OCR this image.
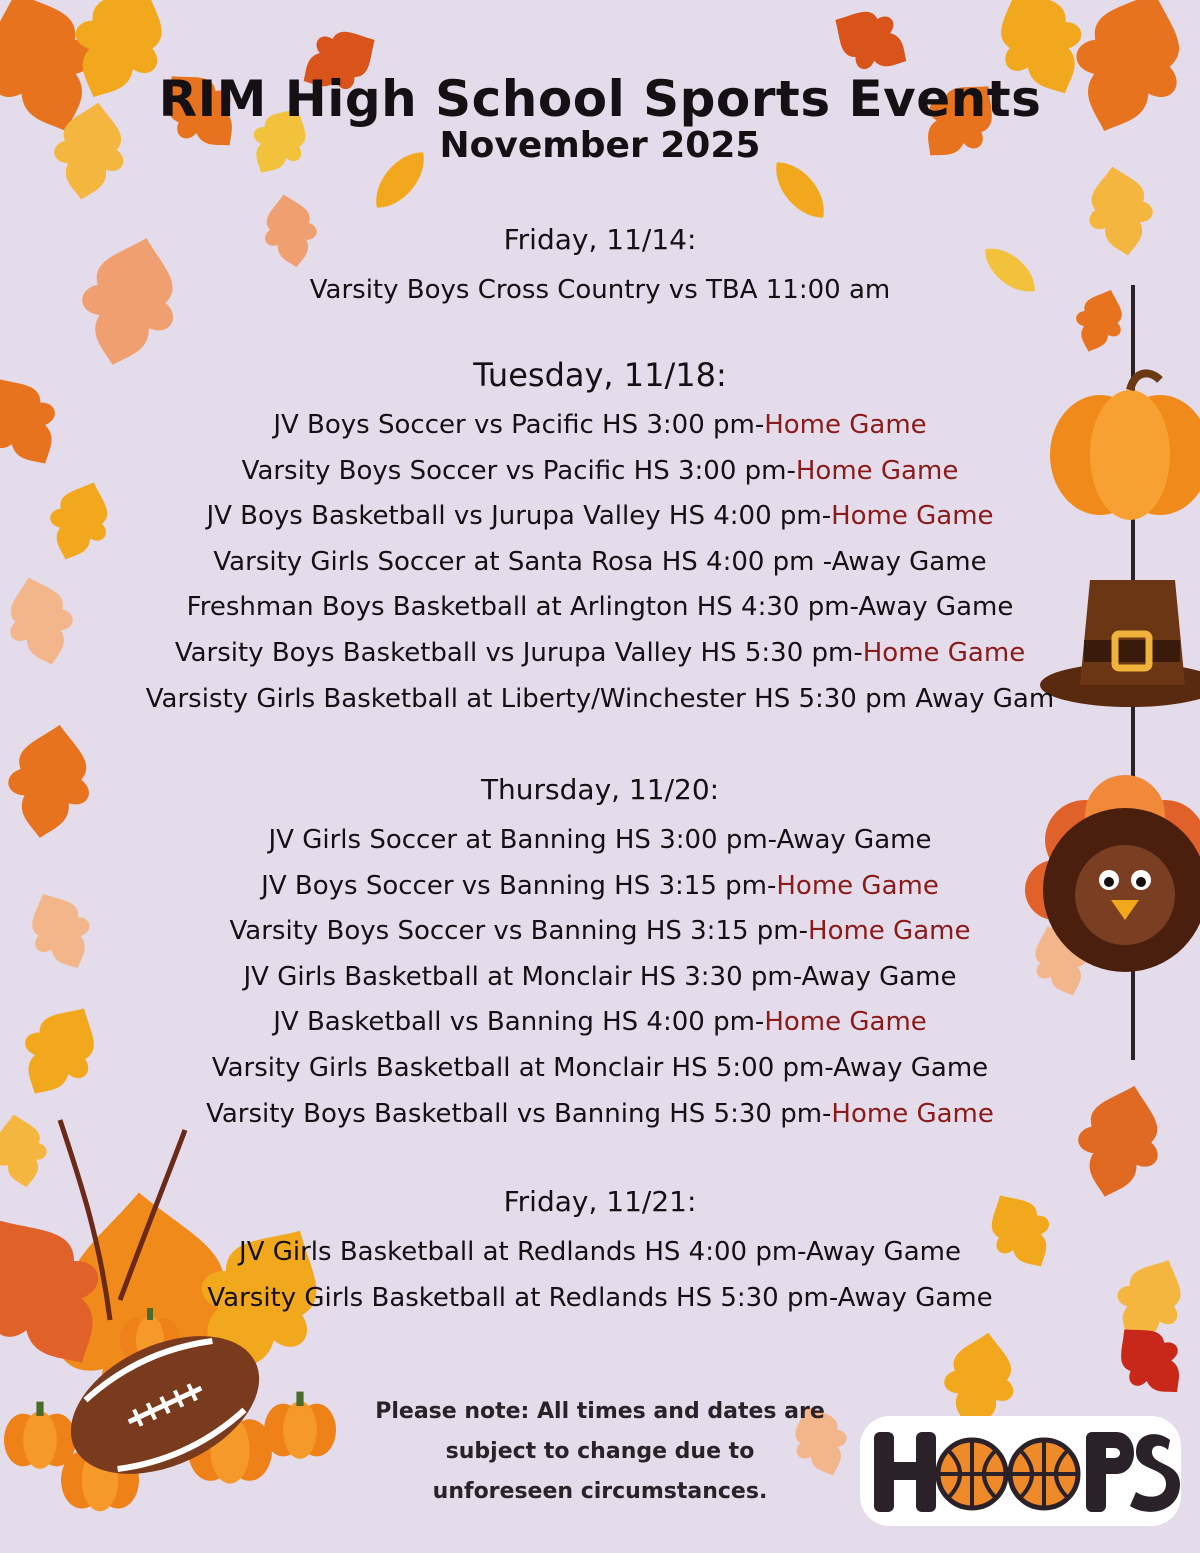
RIM High School Sports Events
November 2025
Friday, 11/14:
Varsity Boys Cross Country vs TBA 11:00 am
Tuesday, 11/18:
JV Boys Soccer vs Pacific HS 3:00 pm-Home Game
Varsity Boys Soccer vs Pacific HS 3:00 pm-Home Game
JV Boys Basketball vs Jurupa Valley HS 4:00 pm-Home Game
Varsity Girls Soccer at Santa Rosa HS 4:00 pm -Away Game
Freshman Boys Basketball at Arlington HS 4:30 pm-Away Game
Varsity Boys Basketball vs Jurupa Valley HS 5:30 pm-Home Game
Varsisty Girls Basketball at Liberty/Winchester HS 5:30 pm Away Gam
Thursday, 11/20:
JV Girls Soccer at Banning HS 3:00 pm-Away Game
JV Boys Soccer vs Banning HS 3:15 pm-Home Game
Varsity Boys Soccer vs Banning HS 3:15 pm-Home Game
JV Girls Basketball at Monclair HS 3:30 pm-Away Game
JV Basketball vs Banning HS 4:00 pm-Home Game
Varsity Girls Basketball at Monclair HS 5:00 pm-Away Game
Varsity Boys Basketball vs Banning HS 5:30 pm-Home Game
Friday, 11/21:
JV Girls Basketball at Redlands HS 4:00 pm-Away Game
Varsity Girls Basketball at Redlands HS 5:30 pm-Away Game
Please note: All times and dates are
subject to change due to
unforeseen circumstances.
